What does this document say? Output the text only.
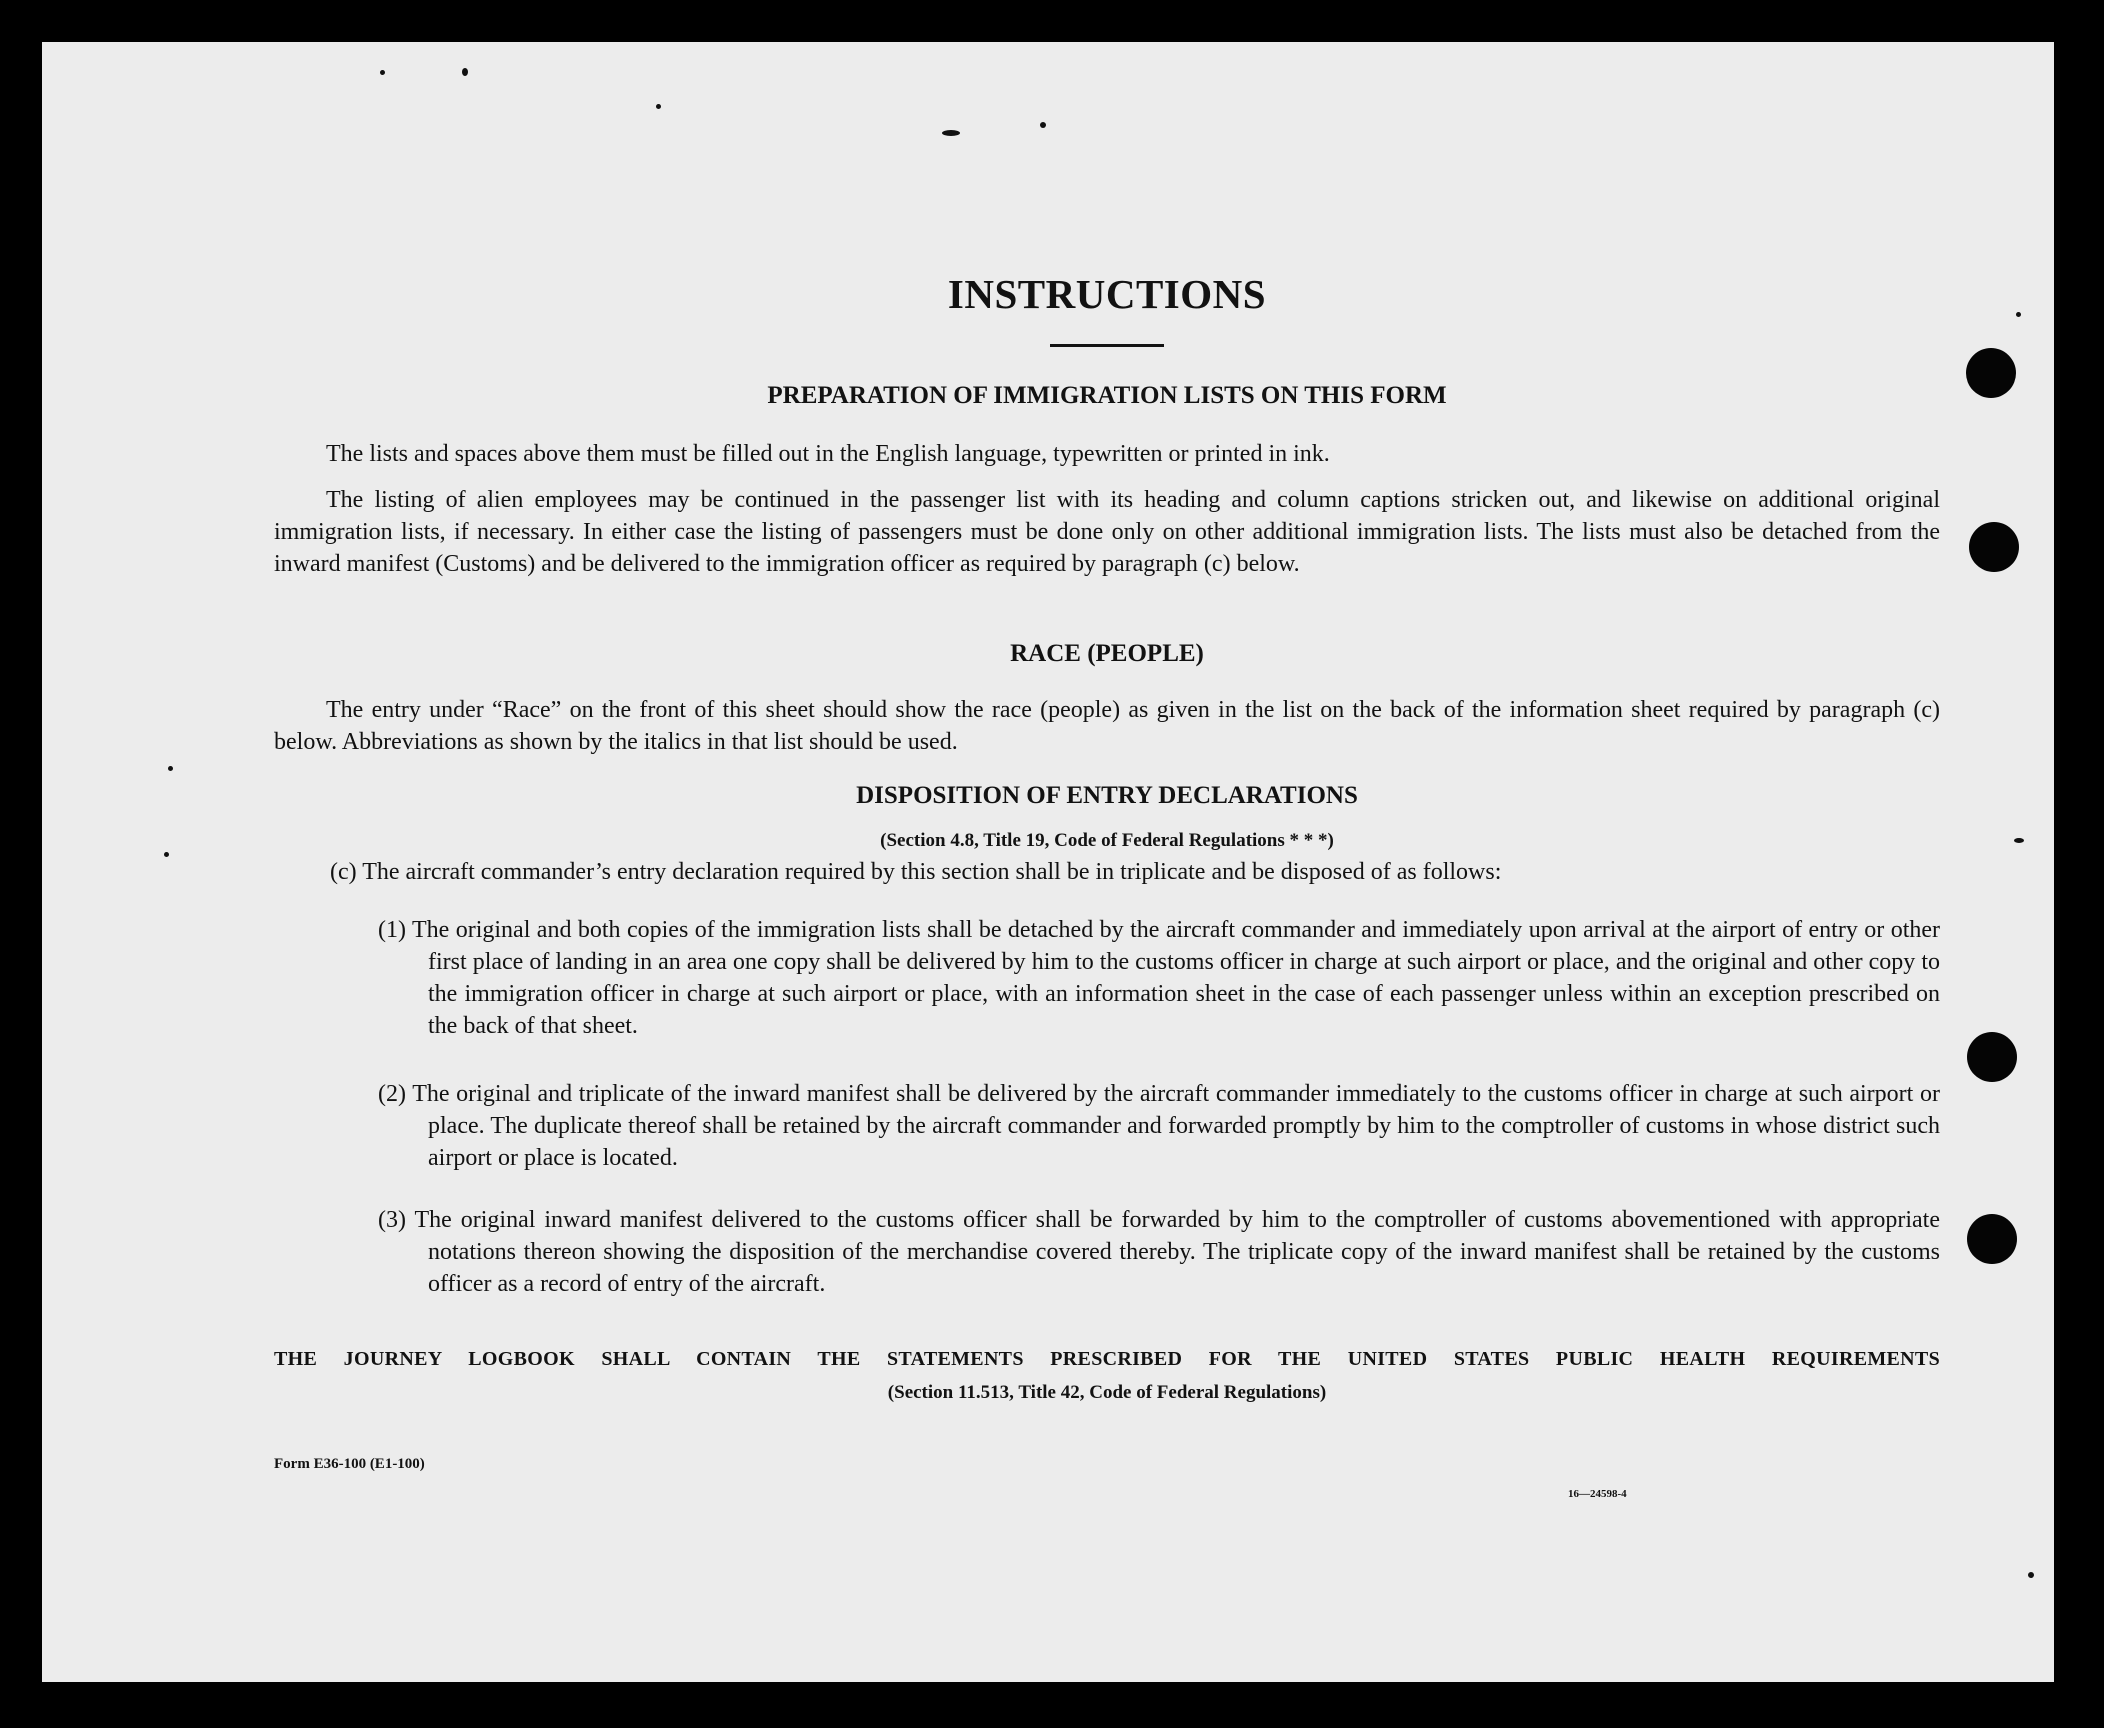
INSTRUCTIONS
PREPARATION OF IMMIGRATION LISTS ON THIS FORM

The lists and spaces above them must be filled out in the English language, typewritten or printed in ink.

The listing of alien employees may be continued in the passenger list with its heading and column captions stricken out, and likewise on additional original immigration lists, if necessary. In either case the listing of passengers must be done only on other additional immigration lists. The lists must also be detached from the inward manifest (Customs) and be delivered to the immigration officer as required by paragraph (c) below.

RACE (PEOPLE)

The entry under “Race” on the front of this sheet should show the race (people) as given in the list on the back of the information sheet required by paragraph (c) below. Abbreviations as shown by the italics in that list should be used.

DISPOSITION OF ENTRY DECLARATIONS
(Section 4.8, Title 19, Code of Federal Regulations * * *)

(c) The aircraft commander’s entry declaration required by this section shall be in triplicate and be disposed of as follows:

(1) The original and both copies of the immigration lists shall be detached by the aircraft commander and immediately upon arrival at the airport of entry or other first place of landing in an area one copy shall be delivered by him to the customs officer in charge at such airport or place, and the original and other copy to the immigration officer in charge at such airport or place, with an information sheet in the case of each passenger unless within an exception prescribed on the back of that sheet.

(2) The original and triplicate of the inward manifest shall be delivered by the aircraft commander immediately to the customs officer in charge at such airport or place. The duplicate thereof shall be retained by the aircraft commander and forwarded promptly by him to the comptroller of customs in whose district such airport or place is located.

(3) The original inward manifest delivered to the customs officer shall be forwarded by him to the comptroller of customs abovementioned with appropriate notations thereon showing the disposition of the merchandise covered thereby. The triplicate copy of the inward manifest shall be retained by the customs officer as a record of entry of the aircraft.

THE JOURNEY LOGBOOK SHALL CONTAIN THE STATEMENTS PRESCRIBED FOR THE UNITED STATES PUBLIC HEALTH REQUIREMENTS
(Section 11.513, Title 42, Code of Federal Regulations)
Form E36-100 (E1-100)
16—24598-4
